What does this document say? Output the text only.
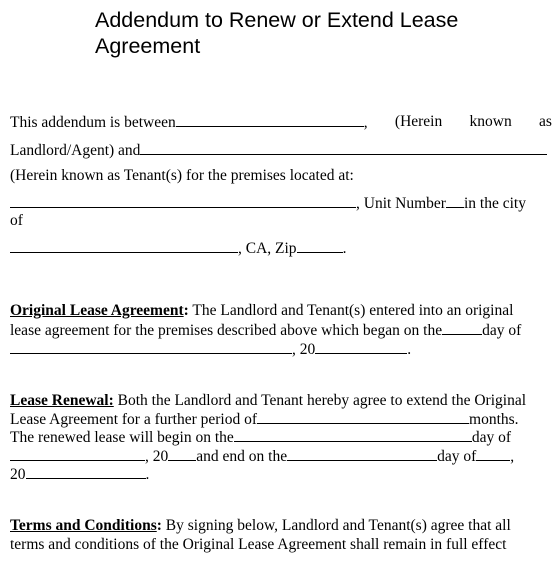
Addendum to Renew or Extend Lease
Agreement
This addendum is between	, (Herein known as
Landlord/Agent) and
(Herein known as Tenant(s) for the premises located at:
, Unit Number in the city
of
, CA, Zip	.
Original Lease Agreement: The Landlord and Tenant(s) entered into an original
lease agreement for the premises described above which began on the	day of
, 20	.
Lease Renewal: Both the Landlord and Tenant hereby agree to extend the Original
Lease Agreement for a further period of	months.
The renewed lease will begin on the	day of
, 20 and end on the	day of ,
20	.
Terms and Conditions: By signing below, Landlord and Tenant(s) agree that all
terms and conditions of the Original Lease Agreement shall remain in full effect
